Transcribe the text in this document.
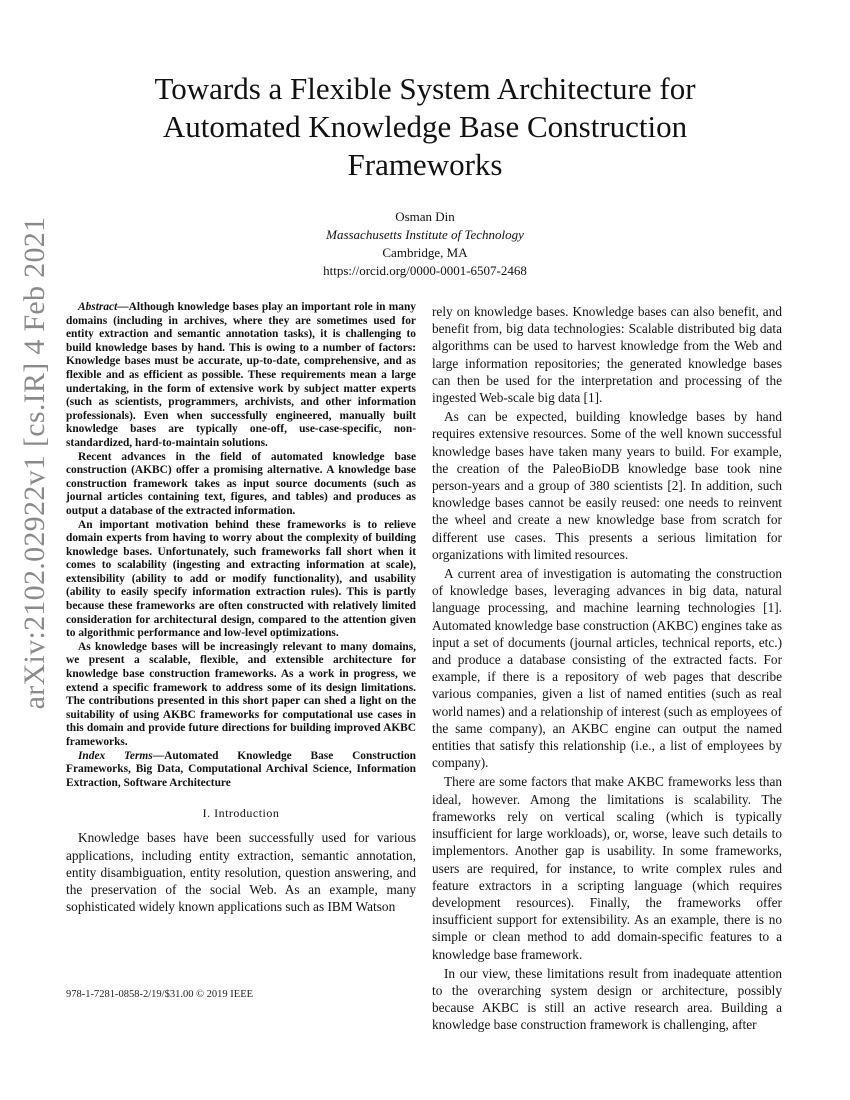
arXiv:2102.02922v1 [cs.IR] 4 Feb 2021
Towards a Flexible System Architecture for
Automated Knowledge Base Construction
Frameworks
Osman Din
Massachusetts Institute of Technology
Cambridge, MA
https://orcid.org/0000-0001-6507-2468

Abstract—Although knowledge bases play an important role in many domains (including in archives, where they are sometimes used for entity extraction and semantic annotation tasks), it is challenging to build knowledge bases by hand. This is owing to a number of factors: Knowledge bases must be accurate, up-to-date, comprehensive, and as flexible and as efficient as possible. These requirements mean a large undertaking, in the form of extensive work by subject matter experts (such as scientists, programmers, archivists, and other information professionals). Even when successfully engineered, manually built knowledge bases are typically one-off, use-case-specific, non-standardized, hard-to-maintain solutions.

Recent advances in the field of automated knowledge base construction (AKBC) offer a promising alternative. A knowledge base construction framework takes as input source documents (such as journal articles containing text, figures, and tables) and produces as output a database of the extracted information.

An important motivation behind these frameworks is to relieve domain experts from having to worry about the complexity of building knowledge bases. Unfortunately, such frameworks fall short when it comes to scalability (ingesting and extracting information at scale), extensibility (ability to add or modify functionality), and usability (ability to easily specify information extraction rules). This is partly because these frameworks are often constructed with relatively limited consideration for architectural design, compared to the attention given to algorithmic performance and low-level optimizations.

As knowledge bases will be increasingly relevant to many domains, we present a scalable, flexible, and extensible architecture for knowledge base construction frameworks. As a work in progress, we extend a specific framework to address some of its design limitations. The contributions presented in this short paper can shed a light on the suitability of using AKBC frameworks for computational use cases in this domain and provide future directions for building improved AKBC frameworks.

Index Terms—Automated Knowledge Base Construction Frameworks, Big Data, Computational Archival Science, Information Extraction, Software Architecture

I. Introduction

Knowledge bases have been successfully used for various applications, including entity extraction, semantic annotation, entity disambiguation, entity resolution, question answering, and the preservation of the social Web. As an example, many sophisticated widely known applications such as IBM Watson

rely on knowledge bases. Knowledge bases can also benefit, and benefit from, big data technologies: Scalable distributed big data algorithms can be used to harvest knowledge from the Web and large information repositories; the generated knowledge bases can then be used for the interpretation and processing of the ingested Web-scale big data [1].

As can be expected, building knowledge bases by hand requires extensive resources. Some of the well known successful knowledge bases have taken many years to build. For example, the creation of the PaleoBioDB knowledge base took nine person-years and a group of 380 scientists [2]. In addition, such knowledge bases cannot be easily reused: one needs to reinvent the wheel and create a new knowledge base from scratch for different use cases. This presents a serious limitation for organizations with limited resources.

A current area of investigation is automating the construction of knowledge bases, leveraging advances in big data, natural language processing, and machine learning technologies [1]. Automated knowledge base construction (AKBC) engines take as input a set of documents (journal articles, technical reports, etc.) and produce a database consisting of the extracted facts. For example, if there is a repository of web pages that describe various companies, given a list of named entities (such as real world names) and a relationship of interest (such as employees of the same company), an AKBC engine can output the named entities that satisfy this relationship (i.e., a list of employees by company).

There are some factors that make AKBC frameworks less than ideal, however. Among the limitations is scalability. The frameworks rely on vertical scaling (which is typically insufficient for large workloads), or, worse, leave such details to implementors. Another gap is usability. In some frameworks, users are required, for instance, to write complex rules and feature extractors in a scripting language (which requires development resources). Finally, the frameworks offer insufficient support for extensibility. As an example, there is no simple or clean method to add domain-specific features to a knowledge base framework.

In our view, these limitations result from inadequate attention to the overarching system design or architecture, possibly because AKBC is still an active research area. Building a knowledge base construction framework is challenging, after

978-1-7281-0858-2/19/$31.00 © 2019 IEEE
